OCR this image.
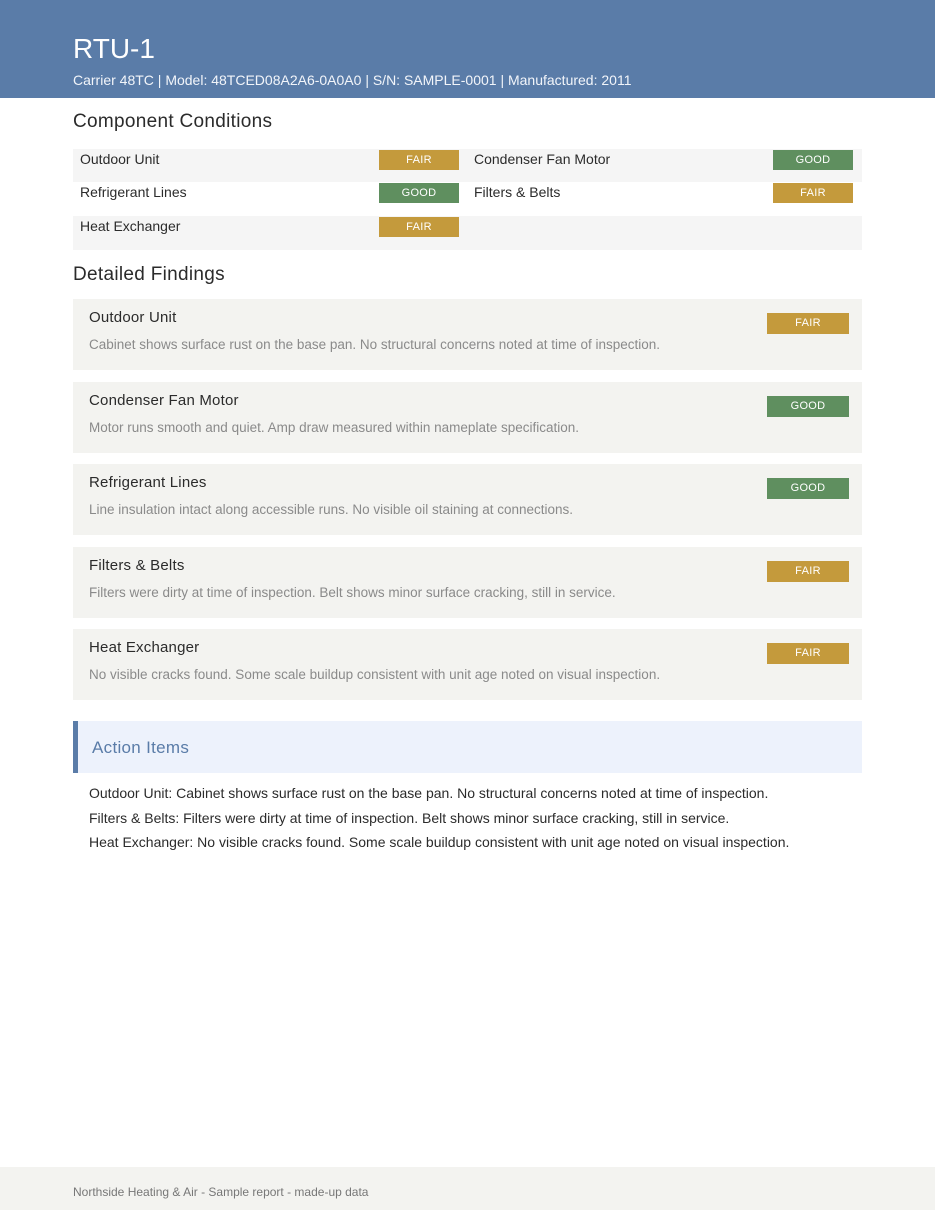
RTU-1
Carrier 48TC | Model: 48TCED08A2A6-0A0A0 | S/N: SAMPLE-0001 | Manufactured: 2011
Component Conditions
Outdoor Unit	FAIR	Condenser Fan Motor	GOOD
Refrigerant Lines	GOOD	Filters & Belts	FAIR
Heat Exchanger	FAIR
Detailed Findings
Outdoor Unit
Cabinet shows surface rust on the base pan. No structural concerns noted at time of inspection.
FAIR
Condenser Fan Motor
Motor runs smooth and quiet. Amp draw measured within nameplate specification.
GOOD
Refrigerant Lines
Line insulation intact along accessible runs. No visible oil staining at connections.
GOOD
Filters & Belts
Filters were dirty at time of inspection. Belt shows minor surface cracking, still in service.
FAIR
Heat Exchanger
No visible cracks found. Some scale buildup consistent with unit age noted on visual inspection.
FAIR
Action Items
Outdoor Unit: Cabinet shows surface rust on the base pan. No structural concerns noted at time of inspection.
Filters & Belts: Filters were dirty at time of inspection. Belt shows minor surface cracking, still in service.
Heat Exchanger: No visible cracks found. Some scale buildup consistent with unit age noted on visual inspection.
Northside Heating & Air - Sample report - made-up data
